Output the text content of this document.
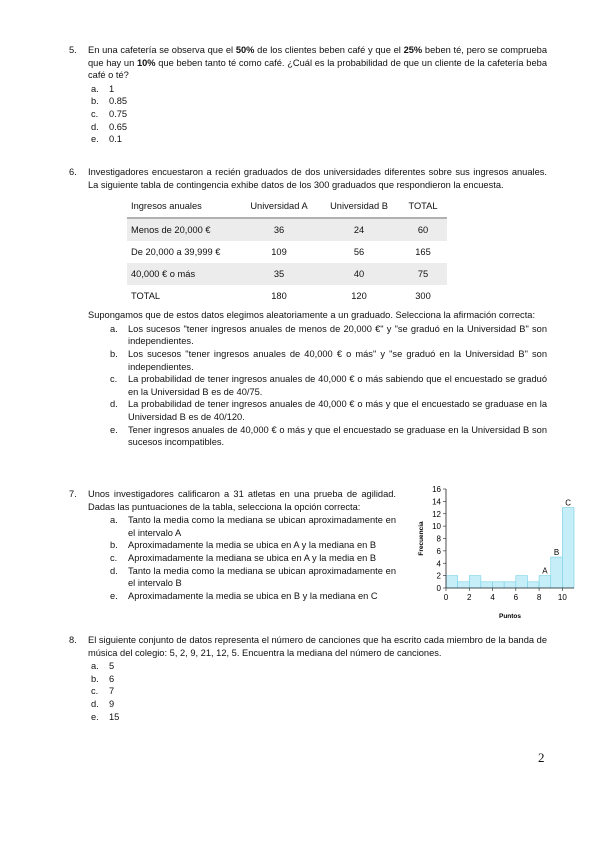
5.	En una cafetería se observa que el 50% de los clientes beben café y que el 25% beben té, pero se comprueba que hay un 10% que beben tanto té como café. ¿Cuál es la probabilidad de que un cliente de la cafetería beba café o té?
a.	1
b.	0.85
c.	0.75
d.	0.65
e.	0.1
6.	Investigadores encuestaron a recién graduados de dos universidades diferentes sobre sus ingresos anuales. La siguiente tabla de contingencia exhibe datos de los 300 graduados que respondieron la encuesta.
Ingresos anuales	Universidad A	Universidad B	TOTAL
Menos de 20,000 €	36	24	60
De 20,000 a 39,999 €	109	56	165
40,000 € o más	35	40	75
TOTAL	180	120	300
Supongamos que de estos datos elegimos aleatoriamente a un graduado. Selecciona la afirmación correcta:
a.	Los sucesos "tener ingresos anuales de menos de 20,000 €" y "se graduó en la Universidad B" son independientes.
b.	Los sucesos "tener ingresos anuales de 40,000 € o más" y "se graduó en la Universidad B" son independientes.
c.	La probabilidad de tener ingresos anuales de 40,000 € o más sabiendo que el encuestado se graduó en la Universidad B es de 40/75.
d.	La probabilidad de tener ingresos anuales de 40,000 € o más y que el encuestado se graduase en la Universidad B es de 40/120.
e.	Tener ingresos anuales de 40,000 € o más y que el encuestado se graduase en la Universidad B son sucesos incompatibles.
7.	Unos investigadores calificaron a 31 atletas en una prueba de agilidad. Dadas las puntuaciones de la tabla, selecciona la opción correcta:
a.	Tanto la media como la mediana se ubican aproximadamente en el intervalo A
b.	Aproximadamente la media se ubica en A y la mediana en B
c.	Aproximadamente la mediana se ubica en A y la media en B
d.	Tanto la media como la mediana se ubican aproximadamente en el intervalo B
e.	Aproximadamente la media se ubica en B y la mediana en C
0
2
4
6
8
10
12
14
16
0 2 4 6 8 10
Puntos
Frecuencia
A
B
C
8.	El siguiente conjunto de datos representa el número de canciones que ha escrito cada miembro de la banda de música del colegio: 5, 2, 9, 21, 12, 5. Encuentra la mediana del número de canciones.
a.	5
b.	6
c.	7
d.	9
e.	15
2
